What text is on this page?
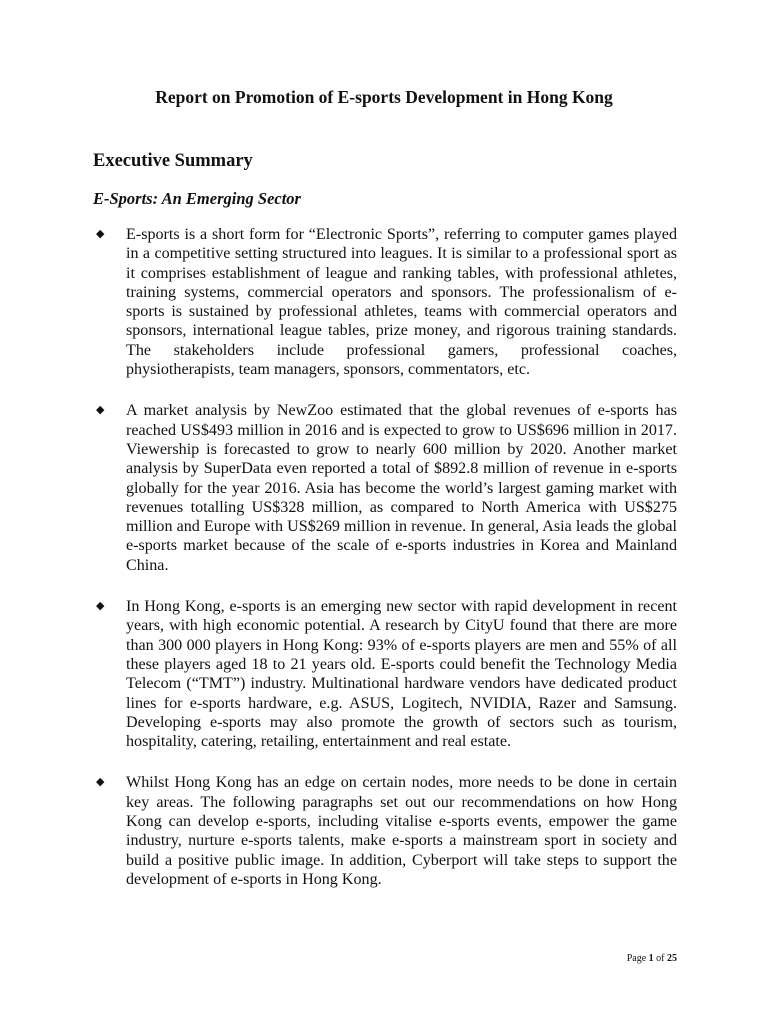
Report on Promotion of E-sports Development in Hong Kong
Executive Summary
E-Sports: An Emerging Sector
◆ E-sports is a short form for “Electronic Sports”, referring to computer games played in a competitive setting structured into leagues. It is similar to a professional sport as it comprises establishment of league and ranking tables, with professional athletes, training systems, commercial operators and sponsors. The professionalism of e-sports is sustained by professional athletes, teams with commercial operators and sponsors, international league tables, prize money, and rigorous training standards. The stakeholders include professional gamers, professional coaches, physiotherapists, team managers, sponsors, commentators, etc.
◆ A market analysis by NewZoo estimated that the global revenues of e-sports has reached US$493 million in 2016 and is expected to grow to US$696 million in 2017. Viewership is forecasted to grow to nearly 600 million by 2020. Another market analysis by SuperData even reported a total of $892.8 million of revenue in e-sports globally for the year 2016. Asia has become the world’s largest gaming market with revenues totalling US$328 million, as compared to North America with US$275 million and Europe with US$269 million in revenue. In general, Asia leads the global e-sports market because of the scale of e-sports industries in Korea and Mainland China.
◆ In Hong Kong, e-sports is an emerging new sector with rapid development in recent years, with high economic potential. A research by CityU found that there are more than 300 000 players in Hong Kong: 93% of e-sports players are men and 55% of all these players aged 18 to 21 years old. E-sports could benefit the Technology Media Telecom (“TMT”) industry. Multinational hardware vendors have dedicated product lines for e-sports hardware, e.g. ASUS, Logitech, NVIDIA, Razer and Samsung. Developing e-sports may also promote the growth of sectors such as tourism, hospitality, catering, retailing, entertainment and real estate.
◆ Whilst Hong Kong has an edge on certain nodes, more needs to be done in certain key areas. The following paragraphs set out our recommendations on how Hong Kong can develop e-sports, including vitalise e-sports events, empower the game industry, nurture e-sports talents, make e-sports a mainstream sport in society and build a positive public image. In addition, Cyberport will take steps to support the development of e-sports in Hong Kong.
Page 1 of 25
